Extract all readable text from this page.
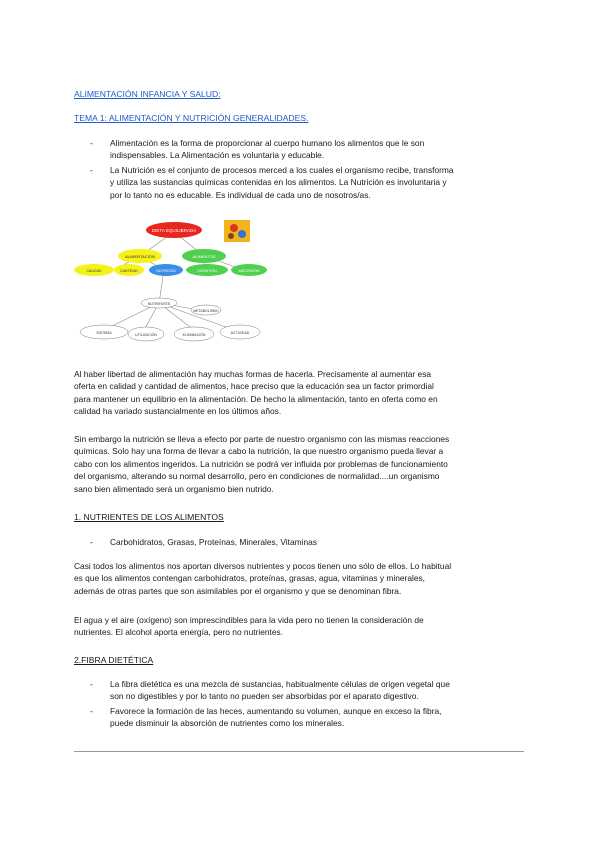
ALIMENTACIÓN INFANCIA Y SALUD:

TEMA 1: ALIMENTACIÓN Y NUTRICIÓN GENERALIDADES.

- Alimentación es la forma de proporcionar al cuerpo humano los alimentos que le son
indispensables. La Alimentación es voluntaria y educable.
- La Nutrición es el conjunto de procesos merced a los cuales el organismo recibe, transforma
y utiliza las sustancias químicas contenidas en los alimentos. La Nutrición es involuntaria y
por lo tanto no es educable. Es individual de cada uno de nosotros/as.
DIETA EQUILIBRADA
ALIMENTACIÓN	ALIMENTOS
CALIDAD	CANTIDAD	NUTRICIÓN	DIGESTIÓN	ABSORCIÓN
NUTRIENTES
METABOLISMO
SISTEMA	UTILIZACIÓN	ELIMINACIÓN	ACTIVIDAD

Al haber libertad de alimentación hay muchas formas de hacerla. Precisamente al aumentar esa

oferta en calidad y cantidad de alimentos, hace preciso que la educación sea un factor primordial

para mantener un equilibrio en la alimentación. De hecho la alimentación, tanto en oferta como en

calidad ha variado sustancialmente en los últimos años.

Sin embargo la nutrición se lleva a efecto por parte de nuestro organismo con las mismas reacciones

químicas. Solo hay una forma de llevar a cabo la nutrición, la que nuestro organismo pueda llevar a

cabo con los alimentos ingeridos. La nutrición se podrá ver influida por problemas de funcionamiento

del organismo, alterando su normal desarrollo, pero en condiciones de normalidad....un organismo

sano bien alimentado será un organismo bien nutrido.

1. NUTRIENTES DE LOS ALIMENTOS

- Carbohidratos, Grasas, Proteínas, Minerales, Vitaminas

Casi todos los alimentos nos aportan diversos nutrientes y pocos tienen uno sólo de ellos. Lo habitual

es que los alimentos contengan carbohidratos, proteínas, grasas, agua, vitaminas y minerales,

además de otras partes que son asimilables por el organismo y que se denominan fibra.

El agua y el aire (oxígeno) son imprescindibles para la vida pero no tienen la consideración de

nutrientes. El alcohol aporta energía, pero no nutrientes.

2.FIBRA DIETÉTICA

- La fibra dietética es una mezcla de sustancias, habitualmente células de origen vegetal que
son no digestibles y por lo tanto no pueden ser absorbidas por el aparato digestivo.
- Favorece la formación de las heces, aumentando su volumen, aunque en exceso la fibra,
puede disminuir la absorción de nutrientes como los minerales.
